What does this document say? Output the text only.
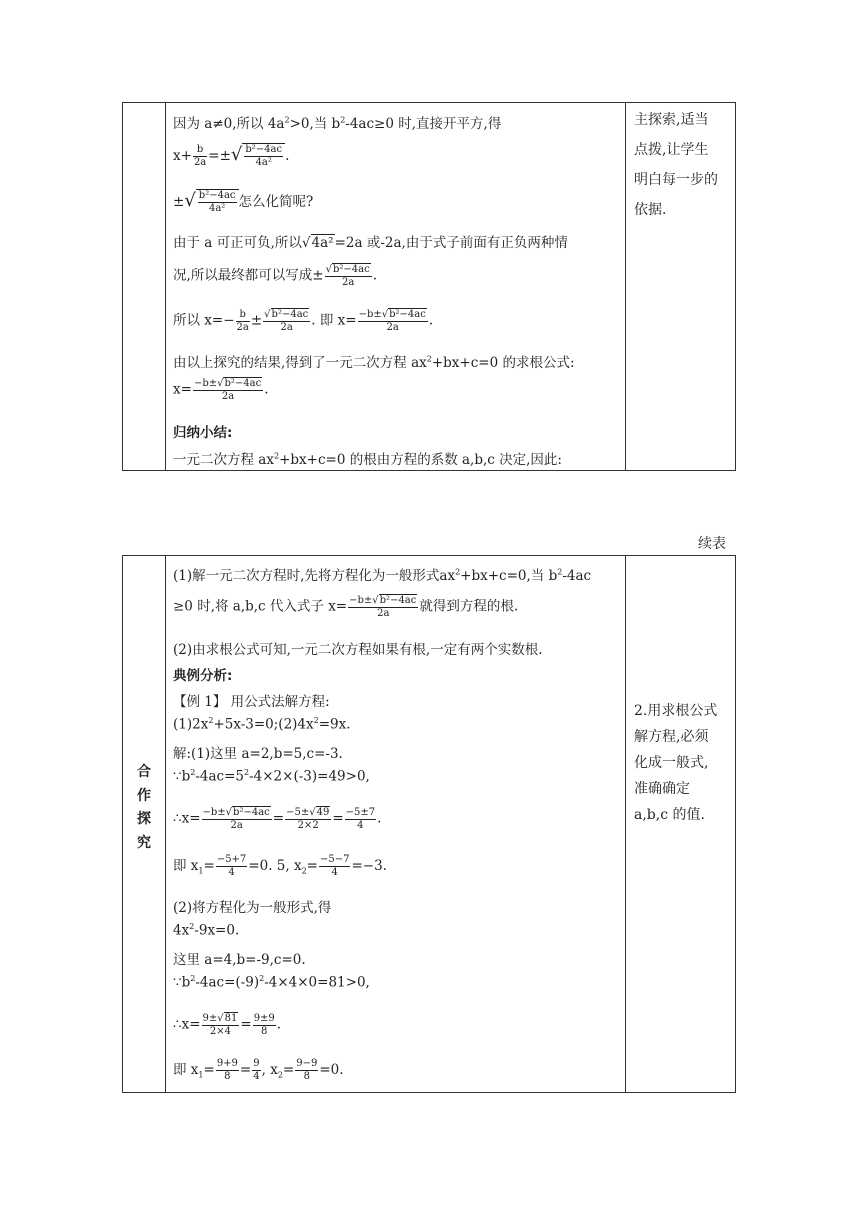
因为 a≠0,所以 $4a^2>0$,当 $b^2-4ac\ge 0$ 时,直接开平方,得
$x+ \frac{b}{2a}$ =±√ $\frac{\text{b²−4ac}}{\text{4a²}}$ .
±√ $\frac{\text{b²−4ac}}{\text{4a²}}$ 怎么化简呢?
由于 a 可正可负,所以√4a²=2a 或-2a,由于式子前面有正负两种情
况,所以最终都可以写成± $\frac{\text{√b²−4ac}}{2a}$ .
所以 $x=- \frac{b}{2a} \pm \frac{\text{√b²−4ac}}{2a}$ . 即 $x= \frac{\text{−b±√b²−4ac}}{2a}$ .
由以上探究的结果,得到了一元二次方程 $ax^2+bx+c=0$ 的求根公式:
$x= \frac{\text{−b±√b²−4ac}}{2a}$ .
归纳小结:
一元二次方程 $ax^2+bx+c=0$ 的根由方程的系数 a,b,c 决定,因此:
主探索,适当
点拨,让学生
明白每一步的
依据.
续表
合
作
探
究
(1)解一元二次方程时,先将方程化为一般形式$ax^2+bx+c=0$,当 $b^2-4ac$
≥0 时,将 a,b,c 代入式子 $x= \frac{\text{−b±√b²−4ac}}{2a}$ 就得到方程的根.
(2)由求根公式可知,一元二次方程如果有根,一定有两个实数根.
典例分析:
【例 1】 用公式法解方程:
$(1)2x^2+5x-3=0;(2)4x^2=9x$.
解:(1)这里 a=2,b=5,c=-3.
$\because b^2-4ac=5^2-4\times 2\times(-3)=49>0$,
∴x= $\frac{\text{−b±√b²−4ac}}{2a} = \frac{-5\pm√49}{2\times 2} = \frac{-5\pm 7}{4}$ .
即 $x_1= \frac{-5+7}{4} =0$. 5, $x_2= \frac{-5-7}{4} =-3$.
(2)将方程化为一般形式,得
$4x^2-9x=0$.
这里 a=4,b=-9,c=0.
$\because b^2-4ac=(-9)^2-4\times 4\times 0=81>0$,
∴x= $\frac{9\pm√81}{2\times 4} = \frac{9\pm 9}{8}$ .
即 $x_1= \frac{9+9}{8} = \frac{9}{4}$ , $x_2= \frac{9-9}{8} =0$.
2.用求根公式
解方程,必须
化成一般式,
准确确定
a,b,c 的值.
